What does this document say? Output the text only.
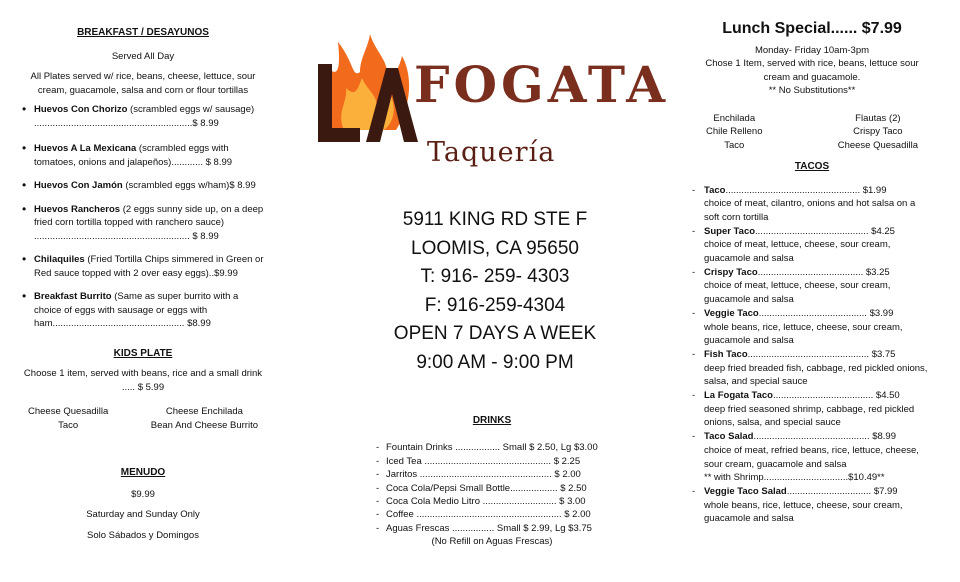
BREAKFAST / DESAYUNOS

Served All Day

All Plates served w/ rice, beans, cheese, lettuce, sour cream, guacamole, salsa and corn or flour tortillas

• Huevos Con Chorizo (scrambled eggs w/ sausage) ............................................................$ 8.99
• Huevos A La Mexicana (scrambled eggs with tomatoes, onions and jalapeños)............ $ 8.99
• Huevos Con Jamón (scrambled eggs w/ham)$ 8.99
• Huevos Rancheros (2 eggs sunny side up, on a deep fried corn tortilla topped with ranchero sauce) ........................................................... $ 8.99
• Chilaquiles (Fried Tortilla Chips simmered in Green or Red sauce topped with 2 over easy eggs)..$9.99
• Breakfast Burrito (Same as super burrito with a choice of eggs with sausage or eggs with ham.................................................. $8.99

KIDS PLATE

Choose 1 item, served with beans, rice and a small drink ..... $ 5.99

Cheese Quesadilla
Taco
Cheese Enchilada
Bean And Cheese Burrito

MENUDO

$9.99

Saturday and Sunday Only

Solo Sábados y Domingos

FOGATA
Taquería
5911 KING RD STE F
LOOMIS, CA 95650
T: 916- 259- 4303
F: 916-259-4304
OPEN 7 DAYS A WEEK
9:00 AM - 9:00 PM

DRINKS

- Fountain Drinks ................. Small $ 2.50, Lg $3.00
- Iced Tea ................................................ $ 2.25
- Jarritos .................................................. $ 2.00
- Coca Cola/Pepsi Small Bottle.................. $ 2.50
- Coca Cola Medio Litro ............................ $ 3.00
- Coffee ....................................................... $ 2.00
- Aguas Frescas ................ Small $ 2.99, Lg $3.75

(No Refill on Aguas Frescas)

Lunch Special...... $7.99

Monday- Friday 10am-3pm

Chose 1 Item, served with rice, beans, lettuce sour cream and guacamole.

** No Substitutions**

Enchilada
Chile Relleno
Taco
Flautas (2)
Crispy Taco
Cheese Quesadilla

TACOS

- Taco................................................... $1.99
choice of meat, cilantro, onions and hot salsa on a soft corn tortilla
- Super Taco........................................... $4.25
choice of meat, lettuce, cheese, sour cream, guacamole and salsa
- Crispy Taco........................................ $3.25
choice of meat, lettuce, cheese, sour cream, guacamole and salsa
- Veggie Taco......................................... $3.99
whole beans, rice, lettuce, cheese, sour cream, guacamole and salsa
- Fish Taco.............................................. $3.75
deep fried breaded fish, cabbage, red pickled onions, salsa, and special sauce
- La Fogata Taco...................................... $4.50
deep fried seasoned shrimp, cabbage, red pickled onions, salsa, and special sauce
- Taco Salad............................................ $8.99
choice of meat, refried beans, rice, lettuce, cheese, sour cream, guacamole and salsa
** with Shrimp................................$10.49**
- Veggie Taco Salad................................ $7.99
whole beans, rice, lettuce, cheese, sour cream, guacamole and salsa
